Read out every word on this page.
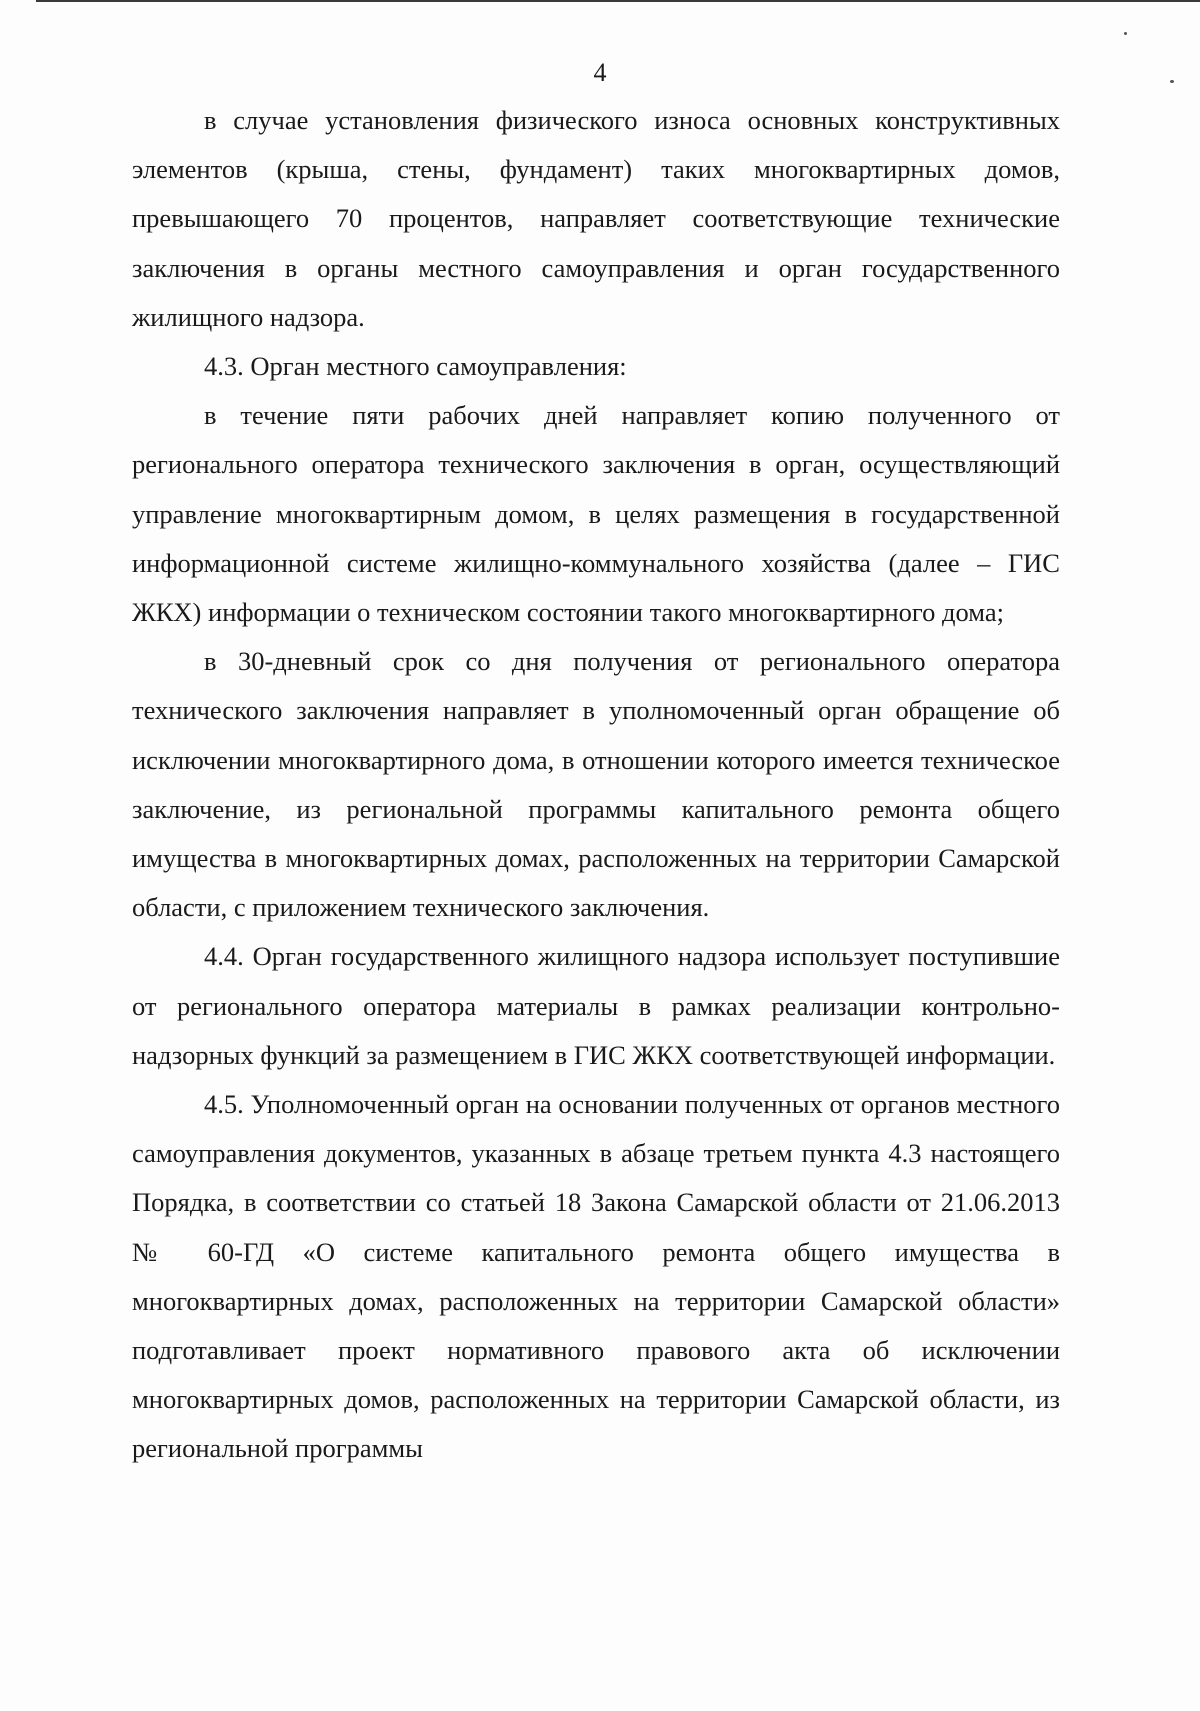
4

в случае установления физического износа основных конструктивных элементов (крыша, стены, фундамент) таких многоквартирных домов, превышающего 70 процентов, направляет соответствующие технические заключения в органы местного самоуправления и орган государственного жилищного надзора.

4.3. Орган местного самоуправления:

в течение пяти рабочих дней направляет копию полученного от регионального оператора технического заключения в орган, осуществляющий управление многоквартирным домом, в целях размещения в государственной информационной системе жилищно-коммунального хозяйства (далее – ГИС ЖКХ) информации о техническом состоянии такого многоквартирного дома;

в 30-дневный срок со дня получения от регионального оператора технического заключения направляет в уполномоченный орган обращение об исключении многоквартирного дома, в отношении которого имеется техническое заключение, из региональной программы капитального ремонта общего имущества в многоквартирных домах, расположенных на территории Самарской области, с приложением технического заключения.

4.4. Орган государственного жилищного надзора использует поступившие от регионального оператора материалы в рамках реализации контрольно-надзорных функций за размещением в ГИС ЖКХ соответствующей информации.

4.5. Уполномоченный орган на основании полученных от органов местного самоуправления документов, указанных в абзаце третьем пункта 4.3 настоящего Порядка, в соответствии со статьей 18 Закона Самарской области от 21.06.2013 № 60-ГД «О системе капитального ремонта общего имущества в многоквартирных домах, расположенных на территории Самарской области» подготавливает проект нормативного правового акта об исключении многоквартирных домов, расположенных на территории Самарской области, из региональной программы
